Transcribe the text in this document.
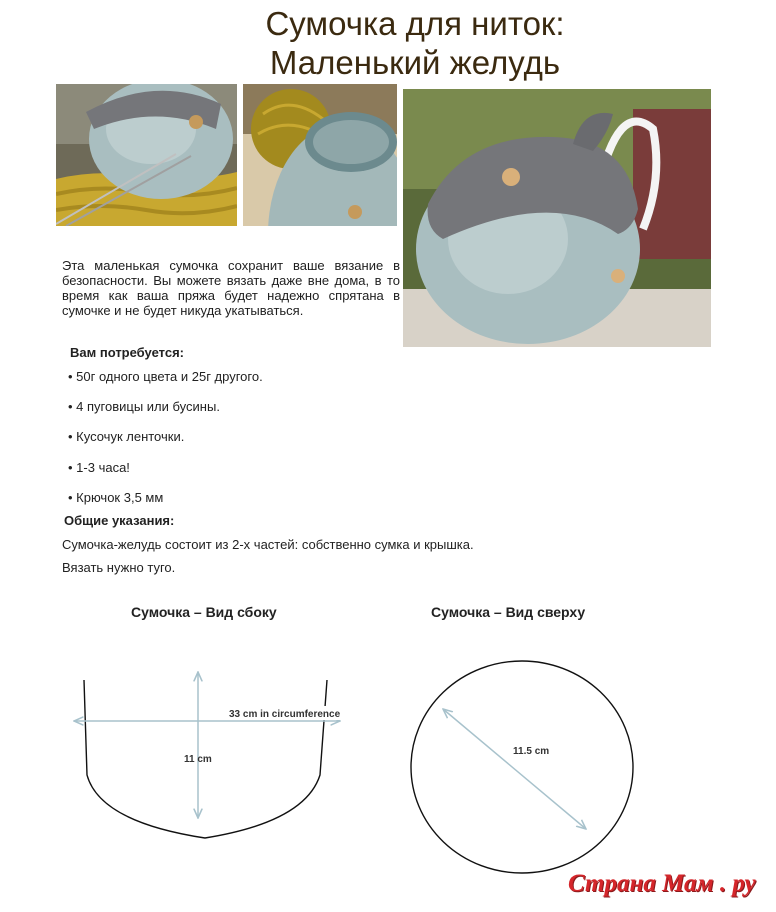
Сумочка для ниток:
Маленький желудь
Эта маленькая сумочка сохранит ваше вязание в безопасности. Вы можете вязать даже вне дома, в то время как ваша пряжа будет надежно спрятана в сумочке и не будет никуда укатываться.
Вам потребуется:
• 50г одного цвета и 25г другого.
• 4 пуговицы или бусины.
• Кусочук ленточки.
• 1-3 часа!
• Крючок 3,5 мм
Общие указания:
Сумочка-желудь состоит из 2-х частей: собственно сумка и крышка.
Вязать нужно туго.
Сумочка – Вид сбоку	Сумочка – Вид сверху
33 cm in circumference
11 cm
11.5 cm
Страна Мам . ру
